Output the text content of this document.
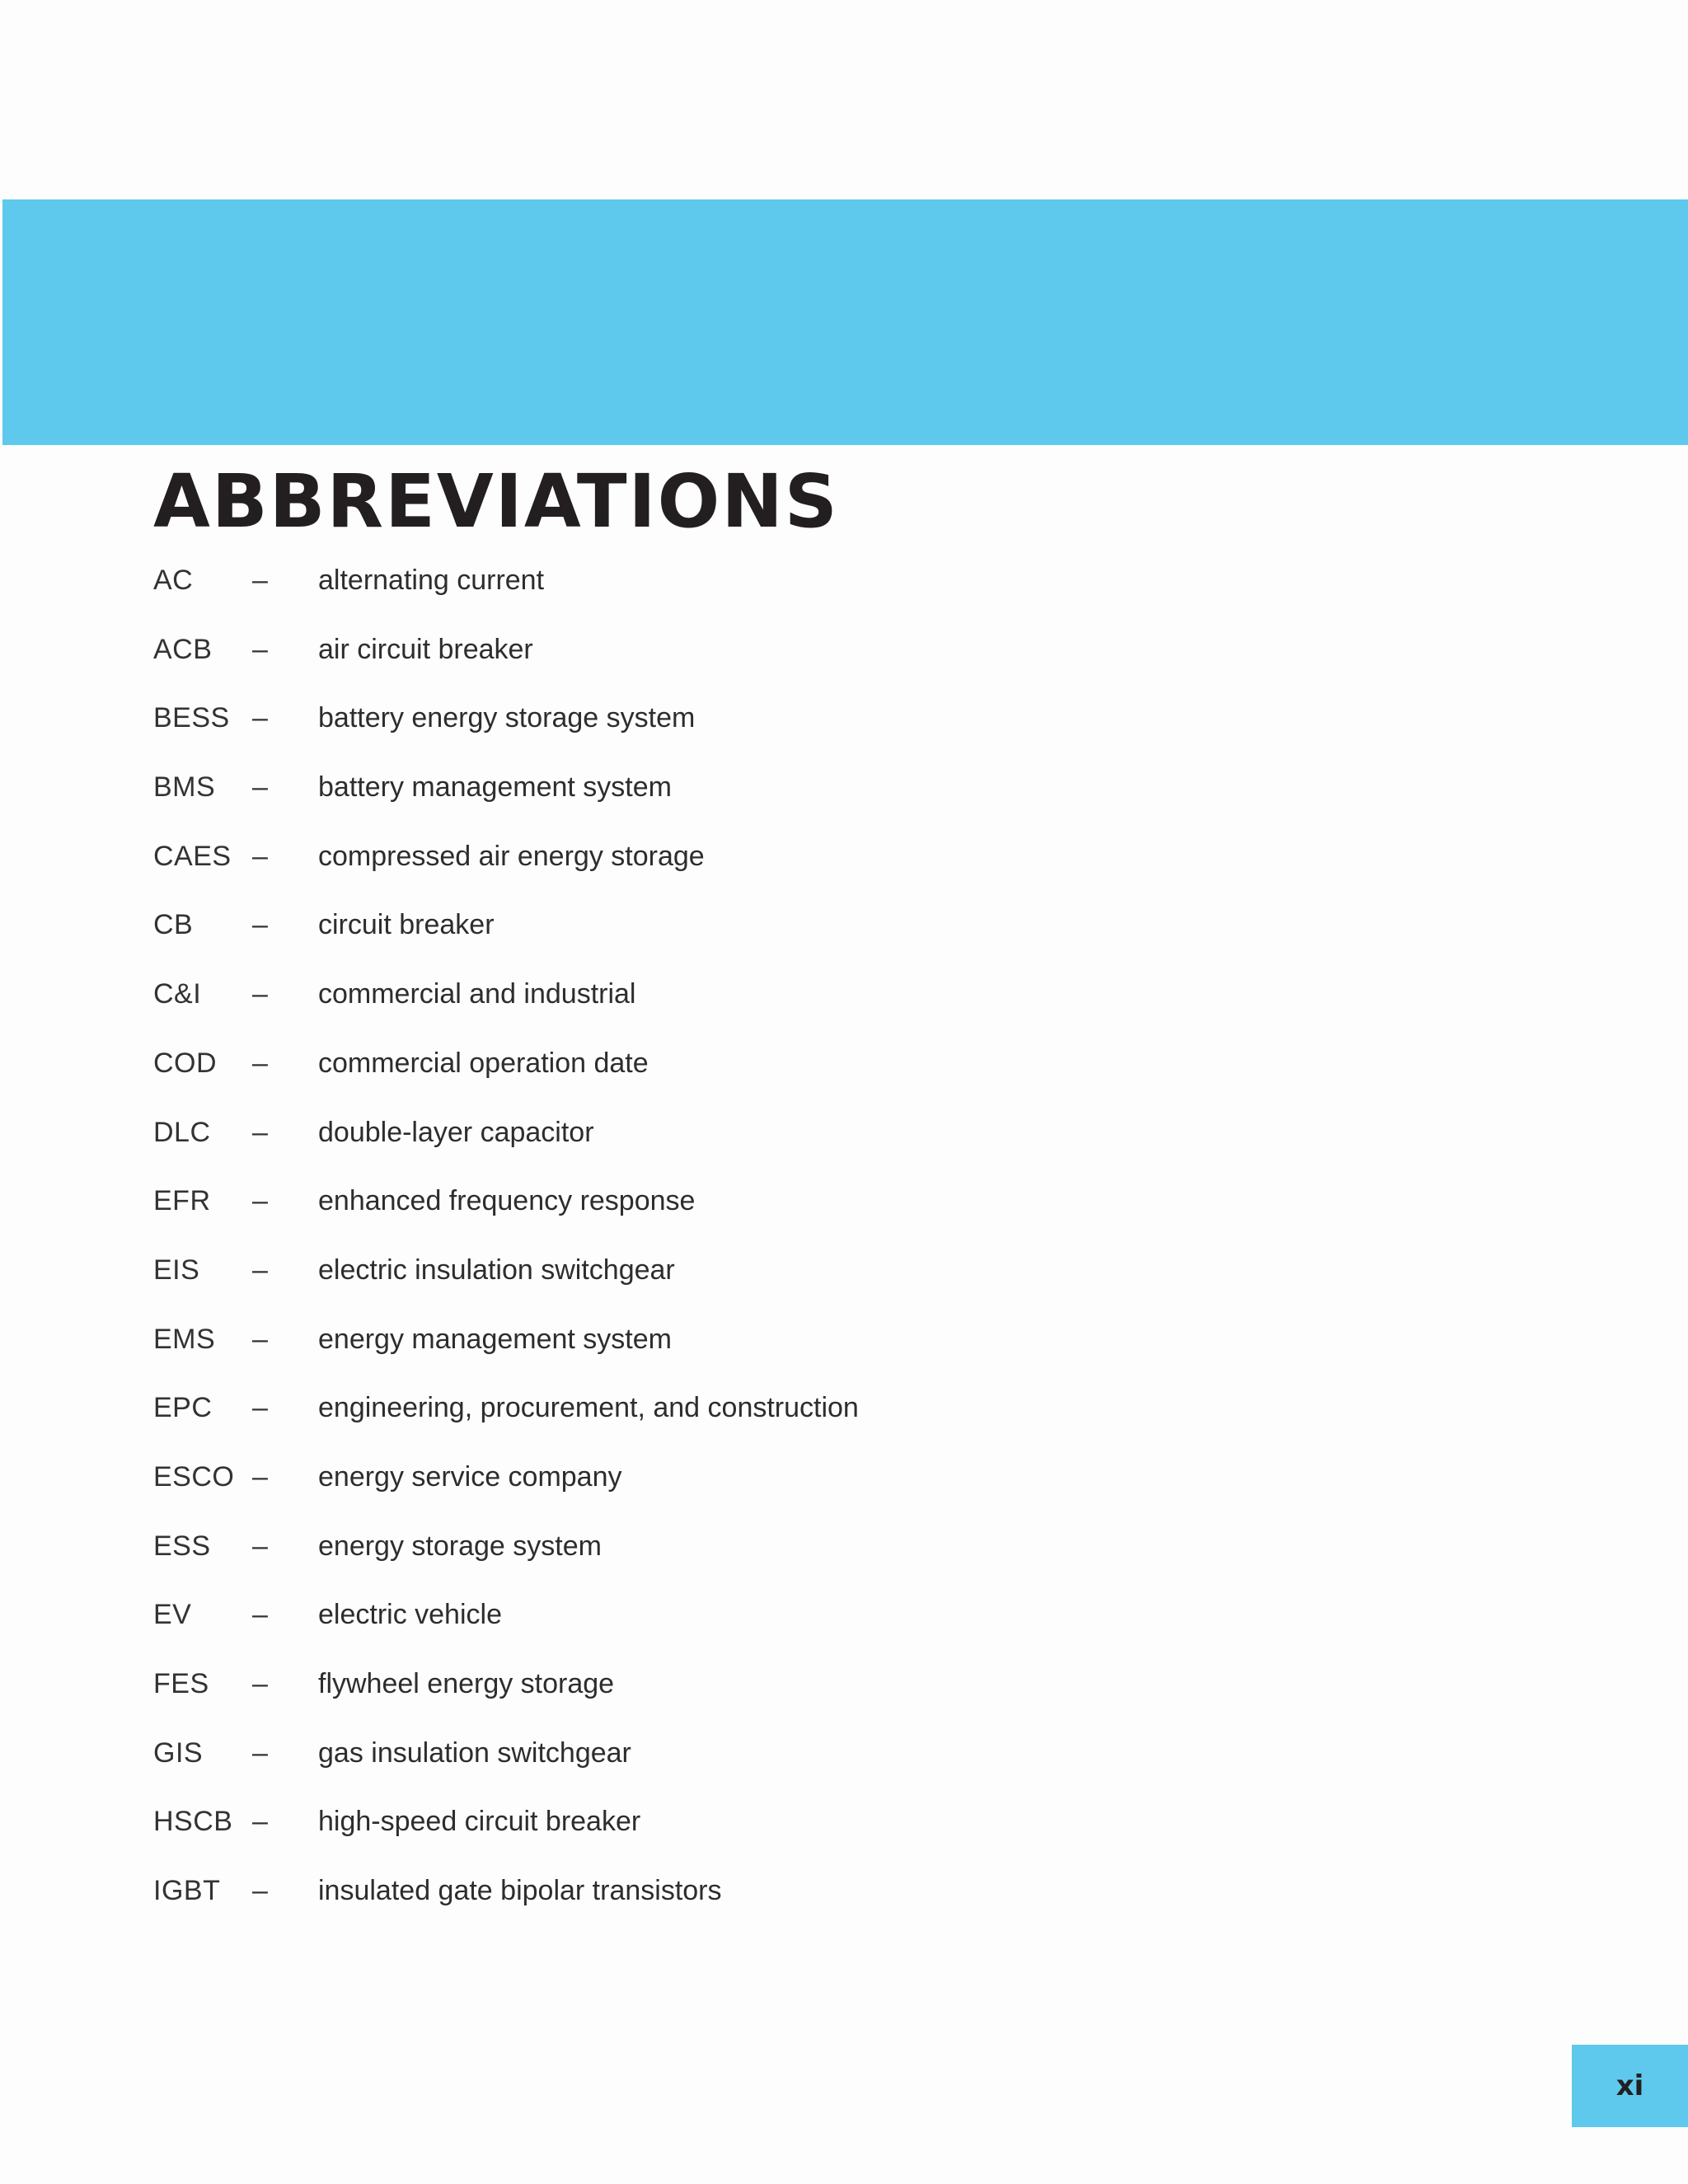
ABBREVIATIONS
AC – alternating current
ACB – air circuit breaker
BESS – battery energy storage system
BMS – battery management system
CAES – compressed air energy storage
CB – circuit breaker
C&I – commercial and industrial
COD – commercial operation date
DLC – double-layer capacitor
EFR – enhanced frequency response
EIS – electric insulation switchgear
EMS – energy management system
EPC – engineering, procurement, and construction
ESCO – energy service company
ESS – energy storage system
EV – electric vehicle
FES – flywheel energy storage
GIS – gas insulation switchgear
HSCB – high-speed circuit breaker
IGBT – insulated gate bipolar transistors
xi
